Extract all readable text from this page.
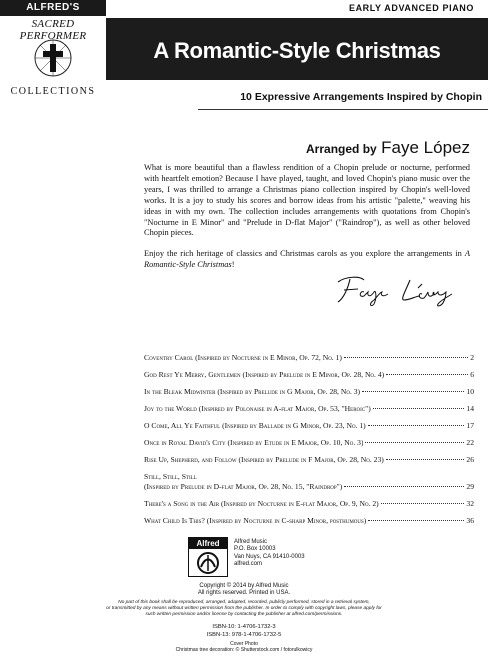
ALFRED'S
SACRED PERFORMER
COLLECTIONS
EARLY ADVANCED PIANO
A Romantic-Style Christmas
10 Expressive Arrangements Inspired by Chopin
Arranged by Faye López

What is more beautiful than a flawless rendition of a Chopin prelude or nocturne, performed with heartfelt emotion? Because I have played, taught, and loved Chopin's piano music over the years, I was thrilled to arrange a Christmas piano collection inspired by Chopin's well-loved works. It is a joy to study his scores and borrow ideas from his artistic "palette," weaving his ideas in with my own. The collection includes arrangements with quotations from Chopin's "Nocturne in E Minor" and "Prelude in D-flat Major" ("Raindrop"), as well as other beloved Chopin pieces.

Enjoy the rich heritage of classics and Christmas carols as you explore the arrangements in A Romantic-Style Christmas!

Coventry Carol (Inspired by Nocturne in E Minor, Op. 72, No. 1)	2
God Rest Ye Merry, Gentlemen (Inspired by Prelude in E Minor, Op. 28, No. 4)	6
In the Bleak Midwinter (Inspired by Prelude in G Major, Op. 28, No. 3)	10
Joy to the World (Inspired by Polonaise in A-flat Major, Op. 53, "Heroic")	14
O Come, All Ye Faithful (Inspired by Ballade in G Minor, Op. 23, No. 1)	17
Once in Royal David's City (Inspired by Etude in E Major, Op. 10, No. 3)	22
Rise Up, Shepherd, and Follow (Inspired by Prelude in F Major, Op. 28, No. 23)	26
Still, Still, Still
(Inspired by Prelude in D-flat Major, Op. 28, No. 15, "Raindrop")	29
There's a Song in the Air (Inspired by Nocturne in E-flat Major, Op. 9, No. 2)	32
What Child Is This? (Inspired by Nocturne in C-sharp Minor, posthumous)	36
Alfred	Alfred Music
P.O. Box 10003
Van Nuys, CA 91410-0003
alfred.com
Copyright © 2014 by Alfred Music
All rights reserved. Printed in USA.
No part of this book shall be reproduced, arranged, adapted, recorded, publicly performed, stored in a retrieval system,
or transmitted by any means without written permission from the publisher. In order to comply with copyright laws, please apply for
such written permission and/or license by contacting the publisher at alfred.com/permissions.
ISBN-10: 1-4706-1732-3
ISBN-13: 978-1-4706-1732-5
Cover Photo
Christmas tree decoration: © Shutterstock.com / fotorulkowicy
